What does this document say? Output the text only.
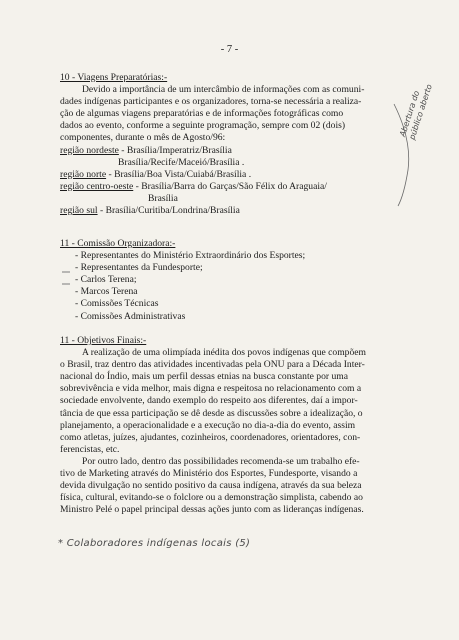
- 7 -
10 - Viagens Preparatórias:-
Devido a importância de um intercâmbio de informações com as comuni-
dades indígenas participantes e os organizadores, torna-se necessária a realiza-
ção de algumas viagens preparatórias e de informações fotográficas como
dados ao evento, conforme a seguinte programação, sempre com 02 (dois)
componentes, durante o mês de Agosto/96:
região nordeste - Brasília/Imperatriz/Brasília
Brasília/Recife/Maceió/Brasília .
região norte - Brasília/Boa Vista/Cuiabá/Brasília .
região centro-oeste - Brasília/Barra do Garças/São Félix do Araguaia/
Brasília
região sul - Brasília/Curitiba/Londrina/Brasília
11 - Comissão Organizadora:-
- Representantes do Ministério Extraordinário dos Esportes;
- Representantes da Fundesporte;
- Carlos Terena;
- Marcos Terena
- Comissões Técnicas
- Comissões Administrativas
11 - Objetivos Finais:-
A realização de uma olimpíada inédita dos povos indígenas que compõem
o Brasil, traz dentro das atividades incentivadas pela ONU para a Década Inter-
nacional do Índio, mais um perfil dessas etnias na busca constante por uma
sobrevivência e vida melhor, mais digna e respeitosa no relacionamento com a
sociedade envolvente, dando exemplo do respeito aos diferentes, daí a impor-
tância de que essa participação se dê desde as discussões sobre a idealização, o
planejamento, a operacionalidade e a execução no dia-a-dia do evento, assim
como atletas, juízes, ajudantes, cozinheiros, coordenadores, orientadores, con-
ferencistas, etc.
Por outro lado, dentro das possibilidades recomenda-se um trabalho efe-
tivo de Marketing através do Ministério dos Esportes, Fundesporte, visando a
devida divulgação no sentido positivo da causa indígena, através da sua beleza
física, cultural, evitando-se o folclore ou a demonstração simplista, cabendo ao
Ministro Pelé o papel principal dessas ações junto com as lideranças indígenas.
Abertura do público aberto
* Colaboradores indígenas locais (5)
